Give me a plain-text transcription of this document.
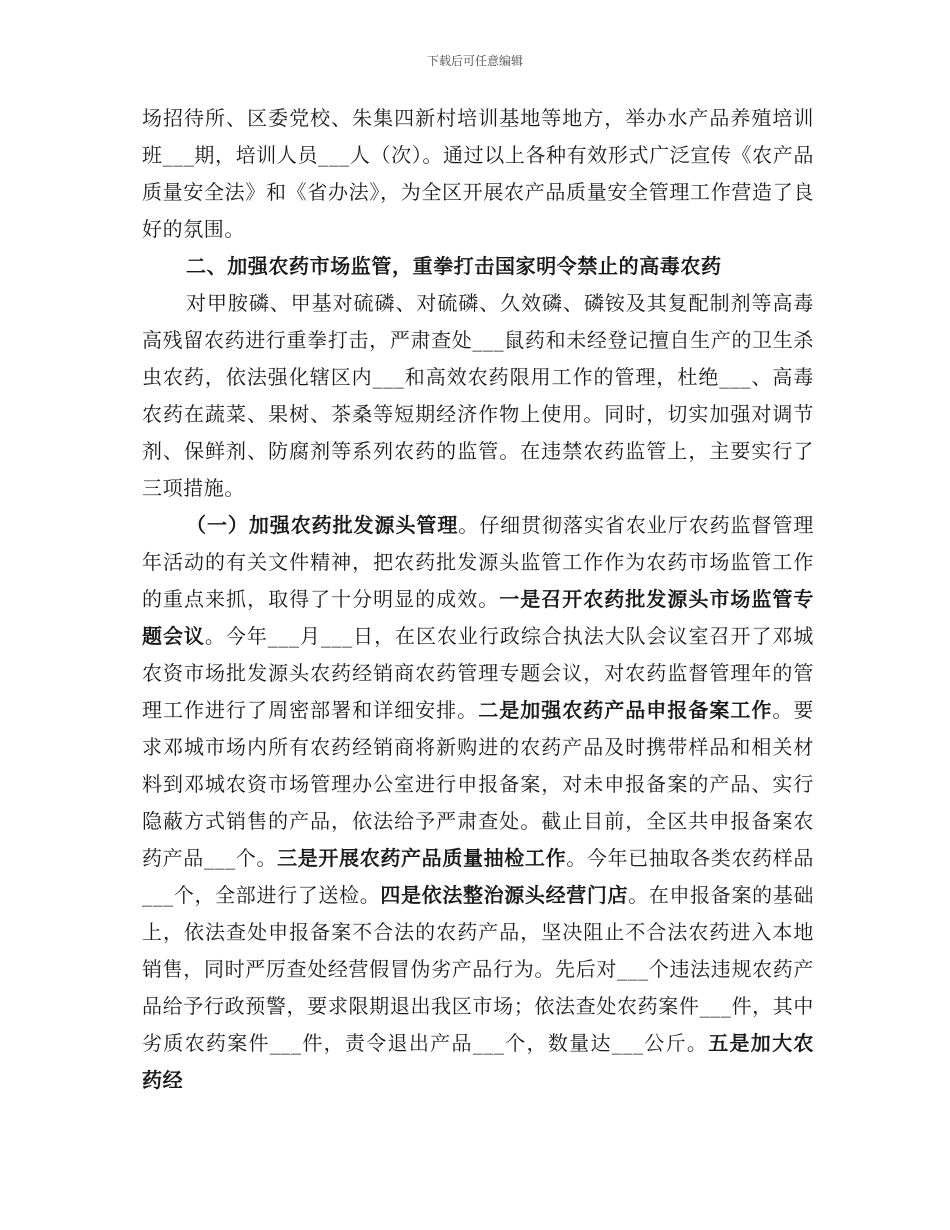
下载后可任意编辑

场招待所、区委党校、朱集四新村培训基地等地方，举办水产品养殖培训班___期，培训人员___人（次）。通过以上各种有效形式广泛宣传《农产品质量安全法》和《省办法》，为全区开展农产品质量安全管理工作营造了良好的氛围。

二、加强农药市场监管，重拳打击国家明令禁止的高毒农药

对甲胺磷、甲基对硫磷、对硫磷、久效磷、磷铵及其复配制剂等高毒高残留农药进行重拳打击，严肃查处___鼠药和未经登记擅自生产的卫生杀虫农药，依法强化辖区内___和高效农药限用工作的管理，杜绝___、高毒农药在蔬菜、果树、茶桑等短期经济作物上使用。同时，切实加强对调节剂、保鲜剂、防腐剂等系列农药的监管。在违禁农药监管上，主要实行了三项措施。

（一）加强农药批发源头管理。仔细贯彻落实省农业厅农药监督管理年活动的有关文件精神，把农药批发源头监管工作作为农药市场监管工作的重点来抓，取得了十分明显的成效。一是召开农药批发源头市场监管专题会议。今年___月___日，在区农业行政综合执法大队会议室召开了邓城农资市场批发源头农药经销商农药管理专题会议，对农药监督管理年的管理工作进行了周密部署和详细安排。二是加强农药产品申报备案工作。要求邓城市场内所有农药经销商将新购进的农药产品及时携带样品和相关材料到邓城农资市场管理办公室进行申报备案，对未申报备案的产品、实行隐蔽方式销售的产品，依法给予严肃查处。截止目前，全区共申报备案农药产品___个。三是开展农药产品质量抽检工作。今年已抽取各类农药样品___个，全部进行了送检。四是依法整治源头经营门店。在申报备案的基础上，依法查处申报备案不合法的农药产品，坚决阻止不合法农药进入本地销售，同时严厉查处经营假冒伪劣产品行为。先后对___个违法违规农药产品给予行政预警，要求限期退出我区市场；依法查处农药案件___件，其中劣质农药案件___件，责令退出产品___个，数量达___公斤。五是加大农药经
